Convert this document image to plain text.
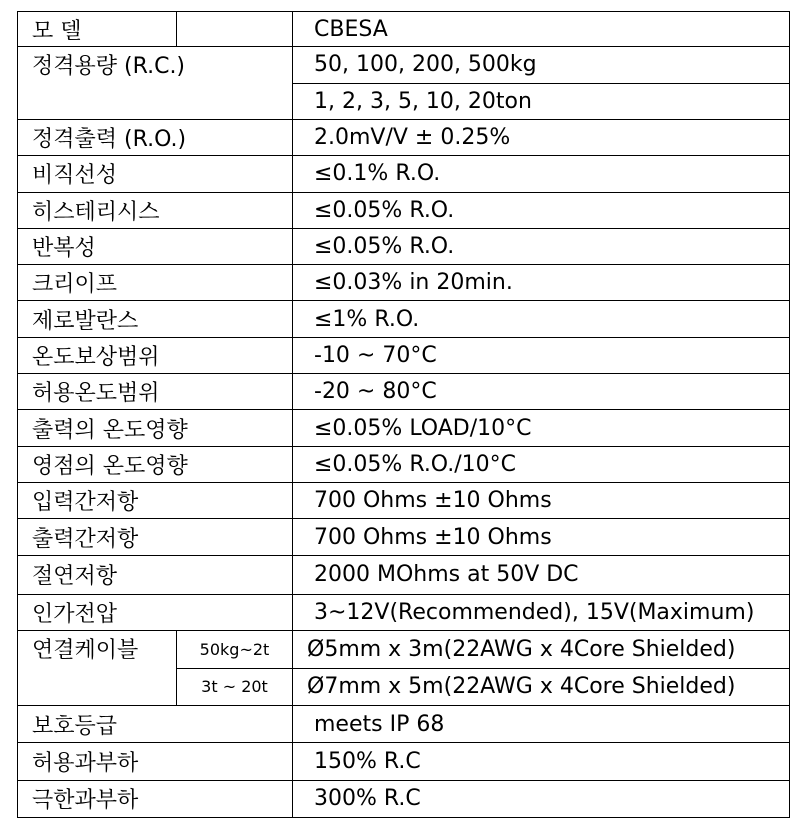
모 델		CBESA
정격용량 (R.C.)		50, 100, 200, 500kg
		1, 2, 3, 5, 10, 20ton
정격출력 (R.O.)		2.0mV/V ± 0.25%
비직선성		≤0.1% R.O.
히스테리시스		≤0.05% R.O.
반복성		≤0.05% R.O.
크리이프		≤0.03% in 20min.
제로발란스		≤1% R.O.
온도보상범위		-10 ~ 70°C
허용온도범위		-20 ~ 80°C
출력의 온도영향		≤0.05% LOAD/10°C
영점의 온도영향		≤0.05% R.O./10°C
입력간저항		700 Ohms ±10 Ohms
출력간저항		700 Ohms ±10 Ohms
절연저항		2000 MOhms at 50V DC
인가전압		3~12V(Recommended), 15V(Maximum)
연결케이블	50kg~2t	Ø5mm x 3m(22AWG x 4Core Shielded)
	3t ~ 20t	Ø7mm x 5m(22AWG x 4Core Shielded)
보호등급		meets IP 68
허용과부하		150% R.C
극한과부하		300% R.C
